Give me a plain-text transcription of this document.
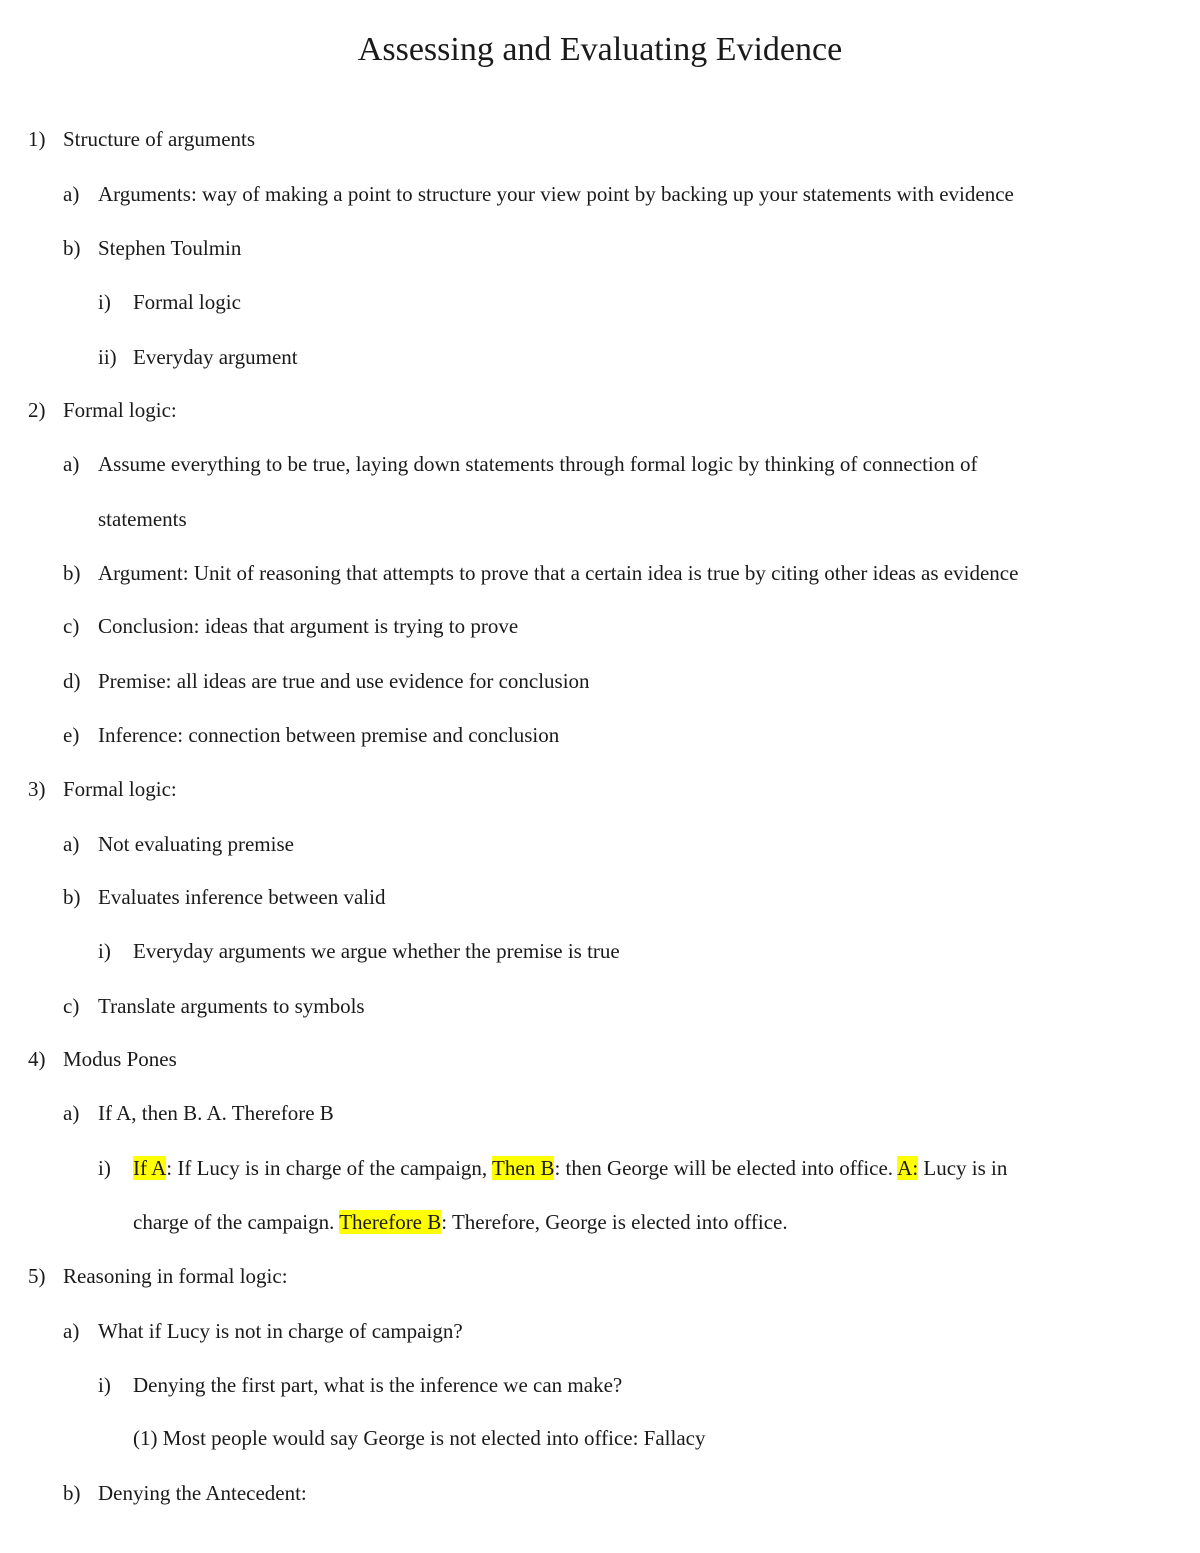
Assessing and Evaluating Evidence
1) Structure of arguments
a) Arguments: way of making a point to structure your view point by backing up your statements with evidence
b) Stephen Toulmin
i) Formal logic
ii) Everyday argument
2) Formal logic:
a) Assume everything to be true, laying down statements through formal logic by thinking of connection of
statements
b) Argument: Unit of reasoning that attempts to prove that a certain idea is true by citing other ideas as evidence
c) Conclusion: ideas that argument is trying to prove
d) Premise: all ideas are true and use evidence for conclusion
e) Inference: connection between premise and conclusion
3) Formal logic:
a) Not evaluating premise
b) Evaluates inference between valid
i) Everyday arguments we argue whether the premise is true
c) Translate arguments to symbols
4) Modus Pones
a) If A, then B. A. Therefore B
i) If A: If Lucy is in charge of the campaign, Then B: then George will be elected into office. A: Lucy is in
charge of the campaign. Therefore B: Therefore, George is elected into office.
5) Reasoning in formal logic:
a) What if Lucy is not in charge of campaign?
i) Denying the first part, what is the inference we can make?
(1) Most people would say George is not elected into office: Fallacy
b) Denying the Antecedent:
